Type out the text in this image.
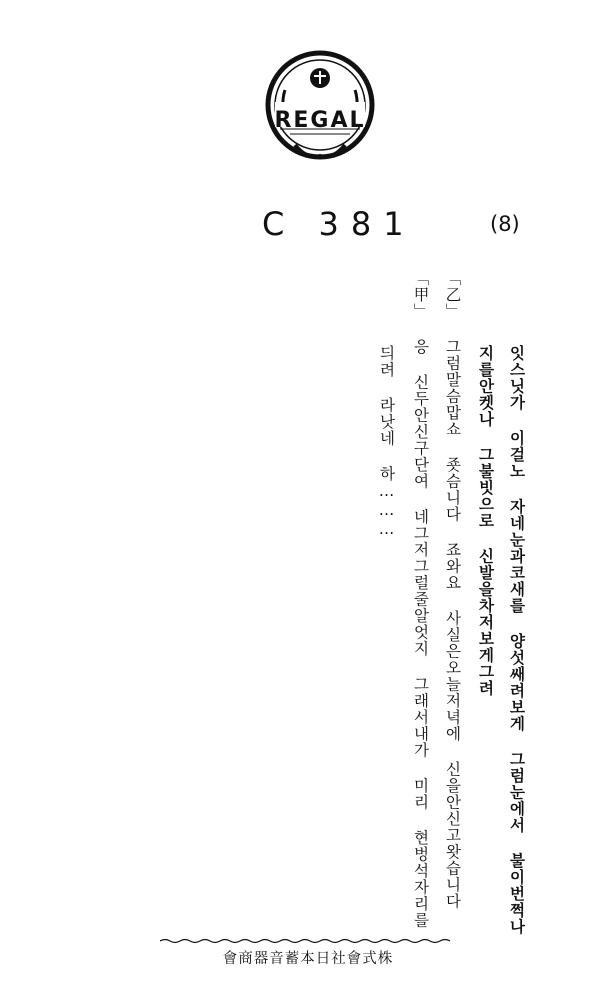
REGAL
C 381	(8)
잇스닛가 이걸노 자네눈과코새를 양섯쌔려보게 그럼눈에서 불이번쩍나
지를안켓나 그불빗으로 신발을차저보게그려
「乙」 그럼말슴맙쇼 죳슴니다 죠와요 사실은오늘저녁에 신을안신고왓습니다
「甲」 응 신두안신구단여 네그저그럴줄알엇지 그래서내가 미리 현벙석자리를
듸려 라낫네 하………
會商器音蓄本日社會式株
